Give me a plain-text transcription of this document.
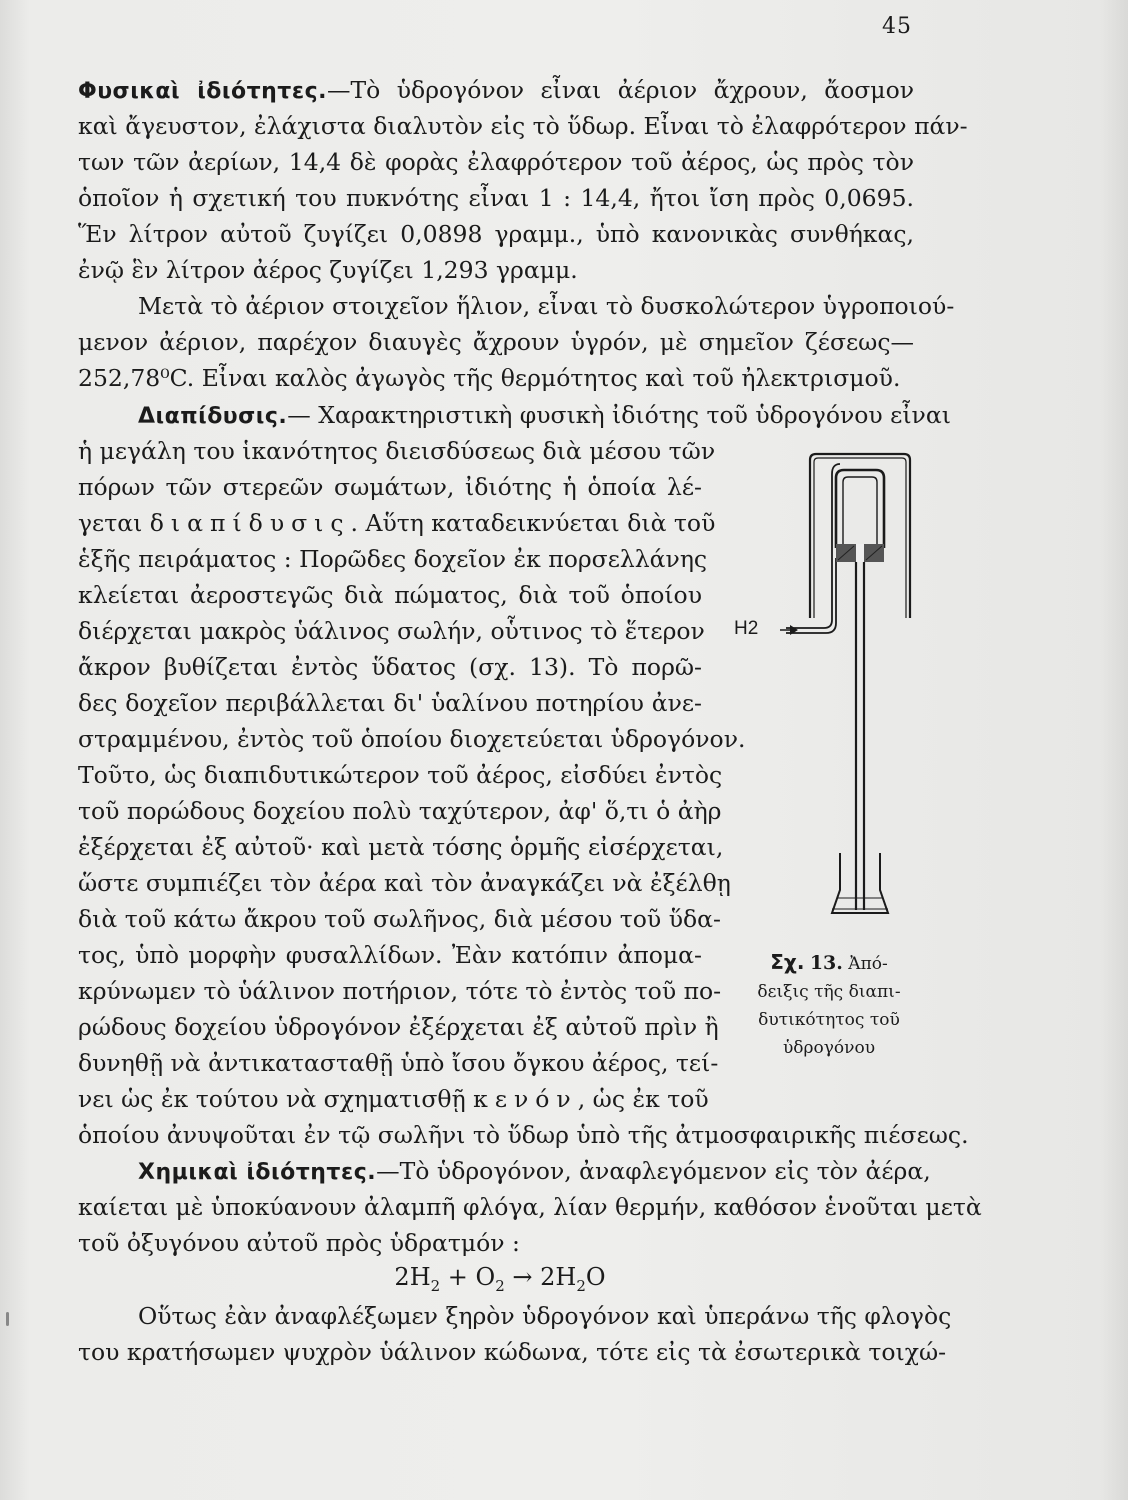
45
Φυσικαὶ ἰδιότητες.—Τὸ ὑδρογόνον εἶναι ἀέριον ἄχρουν, ἄοσμον
καὶ ἄγευστον, ἐλάχιστα διαλυτὸν εἰς τὸ ὕδωρ. Εἶναι τὸ ἐλαφρότερον πάν-
των τῶν ἀερίων, 14,4 δὲ φορὰς ἐλαφρότερον τοῦ ἀέρος, ὡς πρὸς τὸν
ὁποῖον ἡ σχετική του πυκνότης εἶναι 1 : 14,4, ἤτοι ἴση πρὸς 0,0695.
Ἕν λίτρον αὐτοῦ ζυγίζει 0,0898 γραμμ., ὑπὸ κανονικὰς συνθήκας,
ἐνῷ ἓν λίτρον ἀέρος ζυγίζει 1,293 γραμμ.
Μετὰ τὸ ἀέριον στοιχεῖον ἥλιον, εἶναι τὸ δυσκολώτερον ὑγροποιού-
μενον ἀέριον, παρέχον διαυγὲς ἄχρουν ὑγρόν, μὲ σημεῖον ζέσεως—
252,78⁰C. Εἶναι καλὸς ἀγωγὸς τῆς θερμότητος καὶ τοῦ ἠλεκτρισμοῦ.
Διαπίδυσις.— Χαρακτηριστικὴ φυσικὴ ἰδιότης τοῦ ὑδρογόνου εἶναι
ἡ μεγάλη του ἱκανότητος διεισδύσεως διὰ μέσου τῶν
πόρων τῶν στερεῶν σωμάτων, ἰδιότης ἡ ὁποία λέ-
γεται διαπίδυσις. Αὕτη καταδεικνύεται διὰ τοῦ
ἑξῆς πειράματος : Πορῶδες δοχεῖον ἐκ πορσελλάνης
κλείεται ἀεροστεγῶς διὰ πώματος, διὰ τοῦ ὁποίου
διέρχεται μακρὸς ὑάλινος σωλήν, οὗτινος τὸ ἕτερον
ἄκρον βυθίζεται ἐντὸς ὕδατος (σχ. 13). Τὸ πορῶ-
δες δοχεῖον περιβάλλεται δι' ὑαλίνου ποτηρίου ἀνε-
στραμμένου, ἐντὸς τοῦ ὁποίου διοχετεύεται ὑδρογόνον.
Τοῦτο, ὡς διαπιδυτικώτερον τοῦ ἀέρος, εἰσδύει ἐντὸς
τοῦ πορώδους δοχείου πολὺ ταχύτερον, ἀφ' ὅ,τι ὁ ἀὴρ
ἐξέρχεται ἐξ αὐτοῦ· καὶ μετὰ τόσης ὁρμῆς εἰσέρχεται,
ὥστε συμπιέζει τὸν ἀέρα καὶ τὸν ἀναγκάζει νὰ ἐξέλθῃ
διὰ τοῦ κάτω ἄκρου τοῦ σωλῆνος, διὰ μέσου τοῦ ὕδα-
τος, ὑπὸ μορφὴν φυσαλλίδων. Ἐὰν κατόπιν ἀπομα-
κρύνωμεν τὸ ὑάλινον ποτήριον, τότε τὸ ἐντὸς τοῦ πο-
ρώδους δοχείου ὑδρογόνον ἐξέρχεται ἐξ αὐτοῦ πρὶν ἢ
δυνηθῇ νὰ ἀντικατασταθῇ ὑπὸ ἴσου ὄγκου ἀέρος, τεί-
νει ὡς ἐκ τούτου νὰ σχηματισθῇ κενόν, ὡς ἐκ τοῦ
ὁποίου ἀνυψοῦται ἐν τῷ σωλῆνι τὸ ὕδωρ ὑπὸ τῆς ἀτμοσφαιρικῆς πιέσεως.
H2
Σχ. 13. Ἀπό-
δειξις τῆς διαπι-
δυτικότητος τοῦ
ὑδρογόνου
Χημικαὶ ἰδιότητες.—Τὸ ὑδρογόνον, ἀναφλεγόμενον εἰς τὸν ἀέρα,
καίεται μὲ ὑποκύανουν ἀλαμπῆ φλόγα, λίαν θερμήν, καθόσον ἑνοῦται μετὰ
τοῦ ὀξυγόνου αὐτοῦ πρὸς ὑδρατμόν :
$2H_2 + O_2 \to 2H_2O$
Οὕτως ἐὰν ἀναφλέξωμεν ξηρὸν ὑδρογόνον καὶ ὑπεράνω τῆς φλογὸς
του κρατήσωμεν ψυχρὸν ὑάλινον κώδωνα, τότε εἰς τὰ ἐσωτερικὰ τοιχώ-
